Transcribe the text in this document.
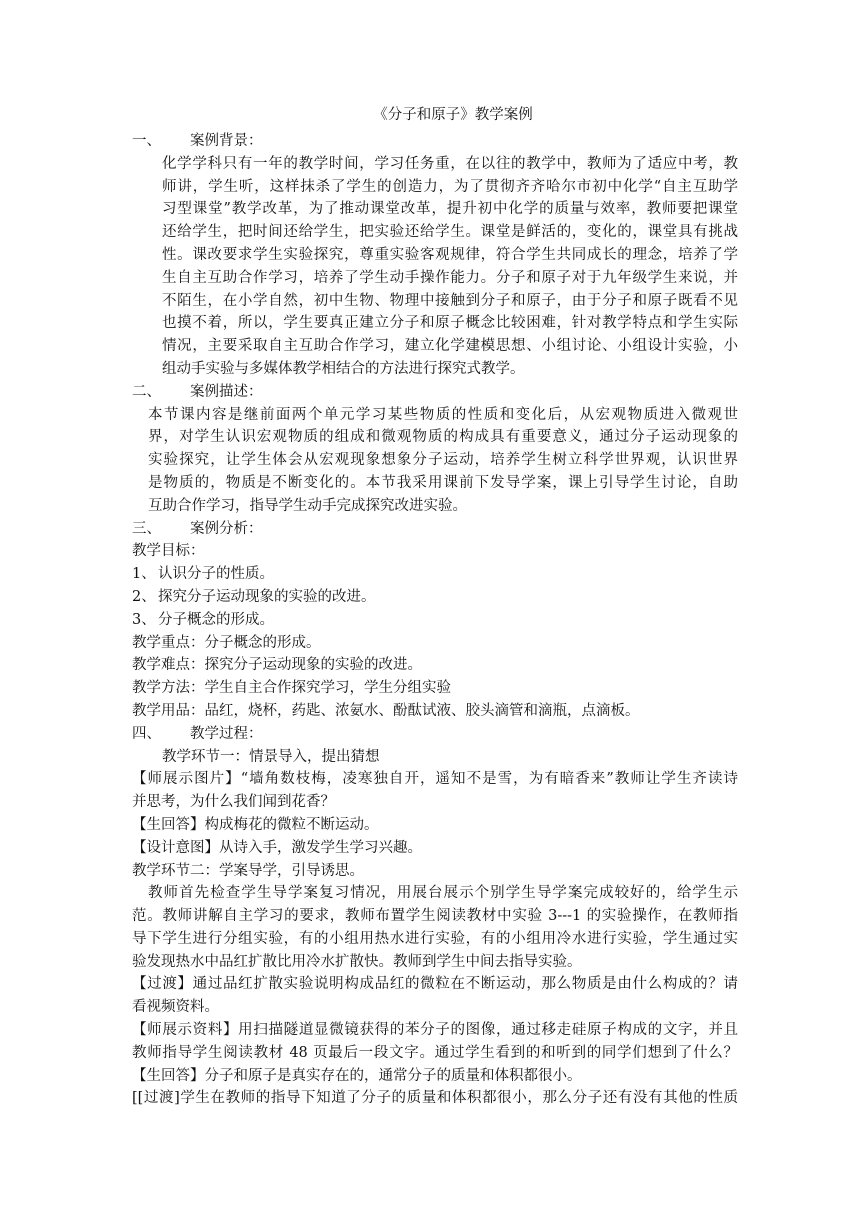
《分子和原子》教学案例
一、	案例背景：
化学学科只有一年的教学时间，学习任务重，在以往的教学中，教师为了适应中考，教
师讲，学生听，这样抹杀了学生的创造力，为了贯彻齐齐哈尔市初中化学“自主互助学
习型课堂”教学改革，为了推动课堂改革，提升初中化学的质量与效率，教师要把课堂
还给学生，把时间还给学生，把实验还给学生。课堂是鲜活的，变化的，课堂具有挑战
性。课改要求学生实验探究，尊重实验客观规律，符合学生共同成长的理念，培养了学
生自主互助合作学习，培养了学生动手操作能力。分子和原子对于九年级学生来说，并
不陌生，在小学自然，初中生物、物理中接触到分子和原子，由于分子和原子既看不见
也摸不着，所以，学生要真正建立分子和原子概念比较困难，针对教学特点和学生实际
情况，主要采取自主互助合作学习，建立化学建模思想、小组讨论、小组设计实验，小
组动手实验与多媒体教学相结合的方法进行探究式教学。
二、	案例描述：
本节课内容是继前面两个单元学习某些物质的性质和变化后，从宏观物质进入微观世
界，对学生认识宏观物质的组成和微观物质的构成具有重要意义，通过分子运动现象的
实验探究，让学生体会从宏观现象想象分子运动，培养学生树立科学世界观，认识世界
是物质的，物质是不断变化的。本节我采用课前下发导学案，课上引导学生讨论，自助
互助合作学习，指导学生动手完成探究改进实验。
三、	案例分析：
教学目标：
1、 认识分子的性质。
2、 探究分子运动现象的实验的改进。
3、 分子概念的形成。
教学重点：分子概念的形成。
教学难点：探究分子运动现象的实验的改进。
教学方法：学生自主合作探究学习，学生分组实验
教学用品：品红，烧杯，药匙、浓氨水、酚酞试液、胶头滴管和滴瓶，点滴板。
四、	教学过程：
教学环节一：情景导入，提出猜想
【师展示图片】“墙角数枝梅，凌寒独自开，遥知不是雪，为有暗香来”教师让学生齐读诗
并思考，为什么我们闻到花香？
【生回答】构成梅花的微粒不断运动。
【设计意图】从诗入手，激发学生学习兴趣。
教学环节二：学案导学，引导诱思。
教师首先检查学生导学案复习情况，用展台展示个别学生导学案完成较好的，给学生示
范。教师讲解自主学习的要求，教师布置学生阅读教材中实验 3---1 的实验操作，在教师指
导下学生进行分组实验，有的小组用热水进行实验，有的小组用冷水进行实验，学生通过实
验发现热水中品红扩散比用冷水扩散快。教师到学生中间去指导实验。
【过渡】通过品红扩散实验说明构成品红的微粒在不断运动，那么物质是由什么构成的？请
看视频资料。
【师展示资料】用扫描隧道显微镜获得的苯分子的图像，通过移走硅原子构成的文字，并且
教师指导学生阅读教材 48 页最后一段文字。通过学生看到的和听到的同学们想到了什么？
【生回答】分子和原子是真实存在的，通常分子的质量和体积都很小。
[[过渡]学生在教师的指导下知道了分子的质量和体积都很小，那么分子还有没有其他的性质
